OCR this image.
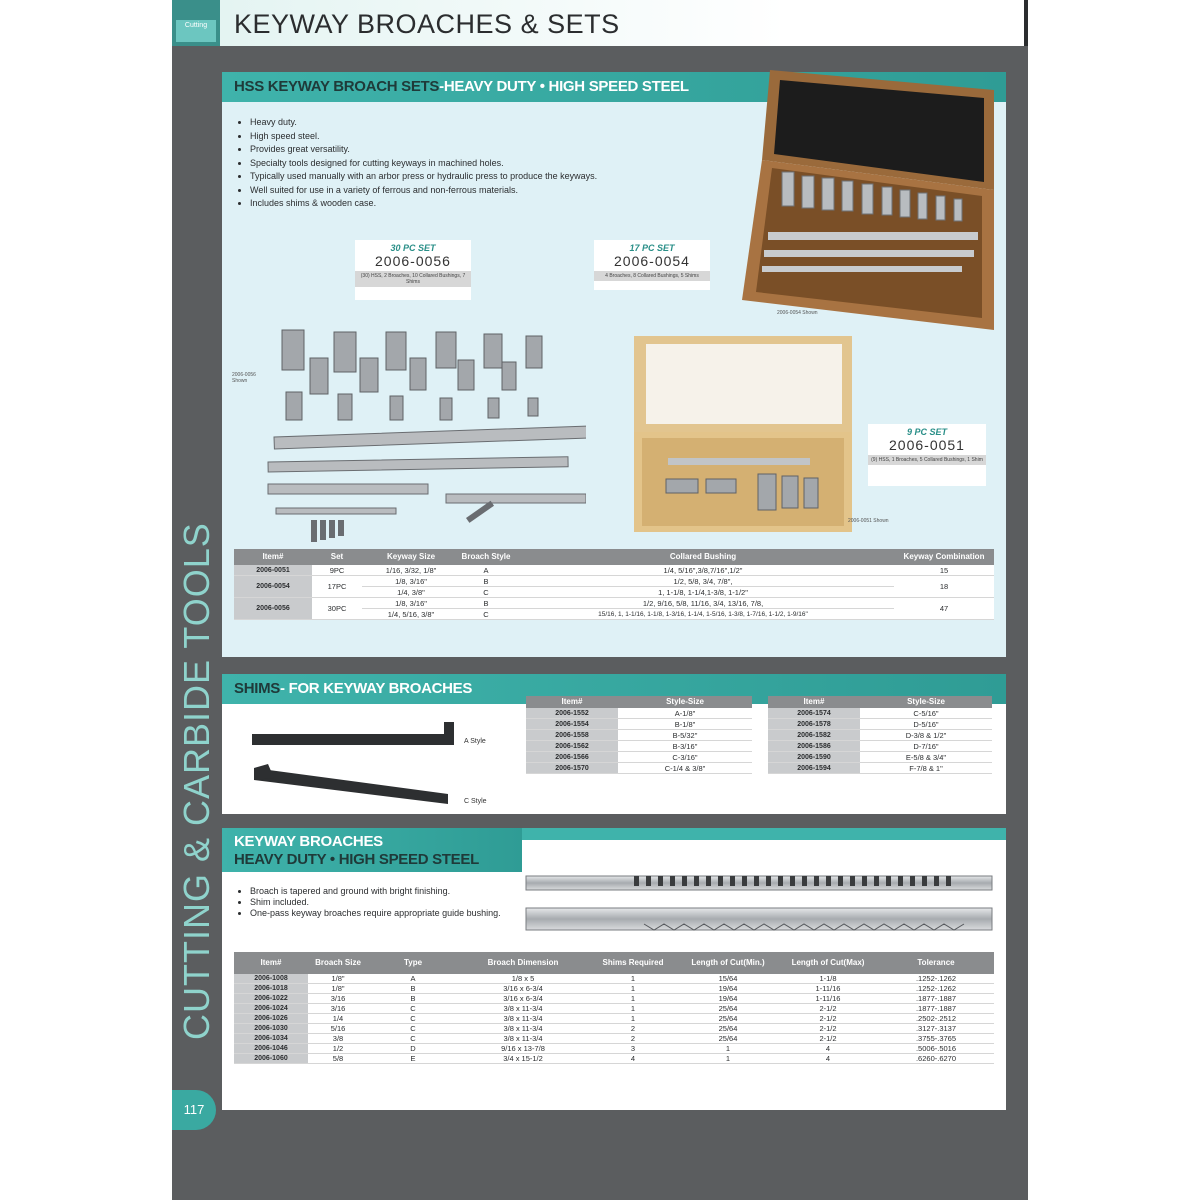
Cutting KEYWAY BROACHES & SETS
CUTTING & CARBIDE TOOLS
117
HSS KEYWAY BROACH SETS-HEAVY DUTY • HIGH SPEED STEEL
• Heavy duty.
• High speed steel.
• Provides great versatility.
• Specialty tools designed for cutting keyways in machined holes.
• Typically used manually with an arbor press or hydraulic press to produce the keyways.
• Well suited for use in a variety of ferrous and non-ferrous materials.
• Includes shims & wooden case.
2006-0054 Shown
30 PC SET
2006-0056
(30) HSS, 2 Broaches, 10 Collared Bushings, 7 Shims
17 PC SET
2006-0054
4 Broaches, 8 Collared Bushings, 5 Shims
2006-0056 Shown
2006-0051 Shown
9 PC SET
2006-0051
(9) HSS, 1 Broaches, 5 Collared Bushings, 1 Shim
Item#	Set	Keyway Size	Broach Style	Collared Bushing	Keyway Combination
2006-0051	9PC	1/16, 3/32, 1/8"	A	1/4, 5/16",3/8,7/16",1/2"	15
2006-0054	17PC	1/8, 3/16"	B	1/2, 5/8, 3/4, 7/8",	18
		1/4, 3/8"	C	1, 1-1/8, 1-1/4,1-3/8, 1-1/2"	
2006-0056	30PC	1/8, 3/16"	B	1/2, 9/16, 5/8, 11/16, 3/4, 13/16, 7/8,	47
		1/4, 5/16, 3/8"	C	15/16, 1, 1-1/16, 1-1/8, 1-3/16, 1-1/4, 1-5/16, 1-3/8, 1-7/16, 1-1/2, 1-9/16"	
SHIMS- FOR KEYWAY BROACHES
A Style
C Style
Item#	Style-Size
2006-1552	A-1/8"
2006-1554	B-1/8"
2006-1558	B-5/32"
2006-1562	B-3/16"
2006-1566	C-3/16"
2006-1570	C-1/4 & 3/8"
Item#	Style-Size
2006-1574	C-5/16"
2006-1578	D-5/16"
2006-1582	D-3/8 & 1/2"
2006-1586	D-7/16"
2006-1590	E-5/8 & 3/4"
2006-1594	F-7/8 & 1"
KEYWAY BROACHES
HEAVY DUTY • HIGH SPEED STEEL
• Broach is tapered and ground with bright finishing.
• Shim included.
• One-pass keyway broaches require appropriate guide bushing.
Item#	Broach Size	Type	Broach Dimension	Shims Required	Length of Cut(Min.)	Length of Cut(Max)	Tolerance
2006-1008	1/8"	A	1/8 x 5	1	15/64	1-1/8	.1252-.1262
2006-1018	1/8"	B	3/16 x 6-3/4	1	19/64	1-11/16	.1252-.1262
2006-1022	3/16	B	3/16 x 6-3/4	1	19/64	1-11/16	.1877-.1887
2006-1024	3/16	C	3/8 x 11-3/4	1	25/64	2-1/2	.1877-.1887
2006-1026	1/4	C	3/8 x 11-3/4	1	25/64	2-1/2	.2502-.2512
2006-1030	5/16	C	3/8 x 11-3/4	2	25/64	2-1/2	.3127-.3137
2006-1034	3/8	C	3/8 x 11-3/4	2	25/64	2-1/2	.3755-.3765
2006-1046	1/2	D	9/16 x 13-7/8	3	1	4	.5006-.5016
2006-1060	5/8	E	3/4 x 15-1/2	4	1	4	.6260-.6270
